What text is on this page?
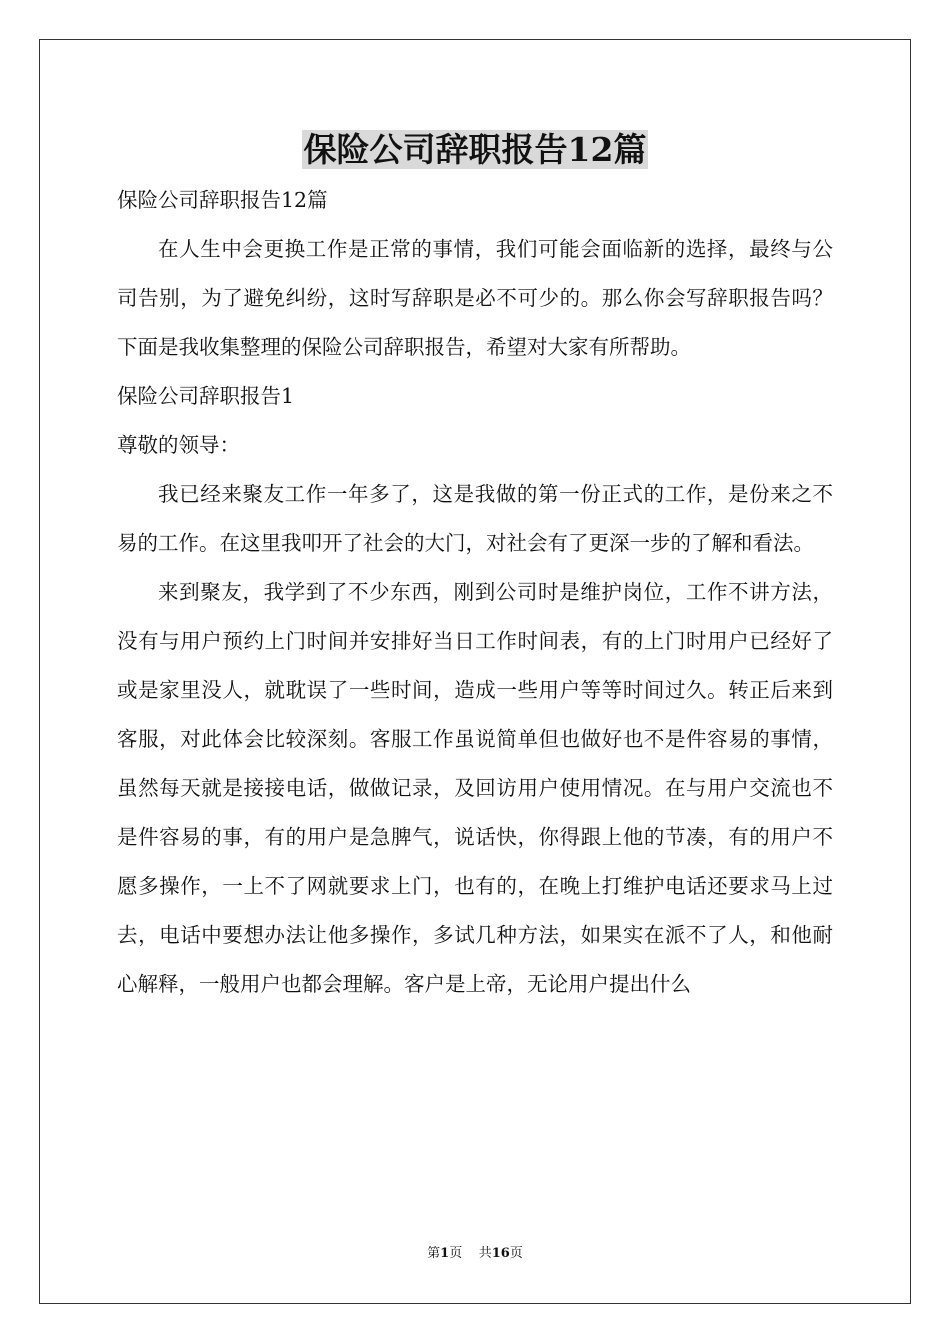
保险公司辞职报告12篇

保险公司辞职报告12篇

在人生中会更换工作是正常的事情，我们可能会面临新的选择，最终与公司告别，为了避免纠纷，这时写辞职是必不可少的。那么你会写辞职报告吗？下面是我收集整理的保险公司辞职报告，希望对大家有所帮助。

保险公司辞职报告1

尊敬的领导：

我已经来聚友工作一年多了，这是我做的第一份正式的工作，是份来之不易的工作。在这里我叩开了社会的大门，对社会有了更深一步的了解和看法。

来到聚友，我学到了不少东西，刚到公司时是维护岗位，工作不讲方法，没有与用户预约上门时间并安排好当日工作时间表，有的上门时用户已经好了或是家里没人，就耽误了一些时间，造成一些用户等等时间过久。转正后来到客服，对此体会比较深刻。客服工作虽说简单但也做好也不是件容易的事情，虽然每天就是接接电话，做做记录，及回访用户使用情况。在与用户交流也不是件容易的事，有的用户是急脾气，说话快，你得跟上他的节凑，有的用户不愿多操作，一上不了网就要求上门，也有的，在晚上打维护电话还要求马上过去，电话中要想办法让他多操作，多试几种方法，如果实在派不了人，和他耐心解释，一般用户也都会理解。客户是上帝，无论用户提出什么

第1页 共16页
